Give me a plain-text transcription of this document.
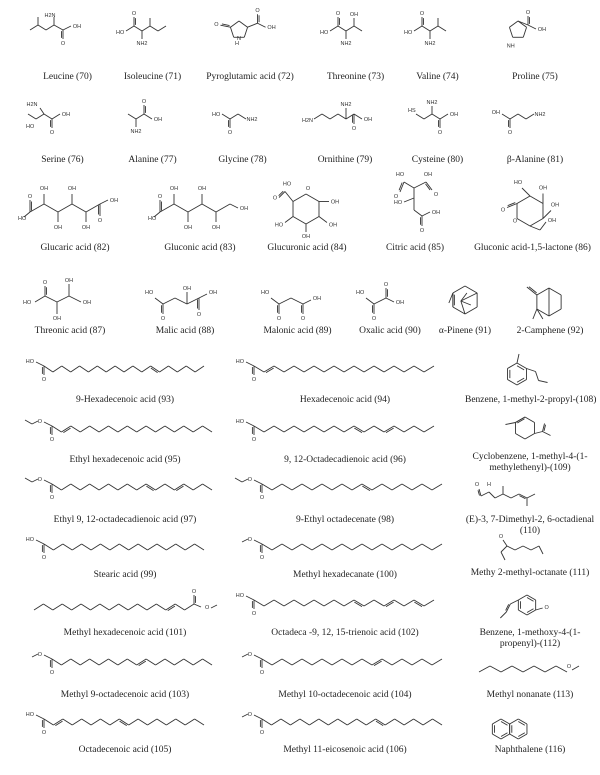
H2N
O
OH
Leucine (70)
HO
O
NH2
Isoleucine (71)
O
H
N
O
OH
Pyroglutamic acid (72)
HO
O
NH2
OH
Threonine (73)
HO
O
NH2
Valine (74)
NH
O
OH
Proline (75)
H2N
HO
O
OH
Serine (76)
NH2
O
OH
Alanine (77)
HO
O
NH2
Glycine (78)
H2N
NH2
O
OH
Ornithine (79)
HS
NH2
O
OH
Cysteine (80)
OH
O
NH2
β-Alanine (81)
HO
O
OH
OH
OH
OH
O
OH
Glucaric acid (82)
HO
O
OH
OH
OH
OH
OH
Gluconic acid (83)
O
O
HO
OH
OH
OH
HO
Glucuronic acid (84)
O
HO
O
OH
HO
O
OH
Citric acid (85)
O
O
HO
OH
OH
OH
Gluconic acid-1,5-lactone (86)
HO
O
OH
OH
OH
Threonic acid (87)
HO
O
OH
O
OH
Malic acid (88)
HO
O	O
OH
Malonic acid (89)
HO
O
O
OH
Oxalic acid (90)	α-Pinene (91)	2-Camphene (92)
O
HO
9-Hexadecenoic acid (93)
O
HO
Hexadecenoic acid (94)
O
O
Ethyl hexadecenoic acid (95)
O
HO
9, 12-Octadecadienoic acid (96)
O
O
Ethyl 9, 12-octadecadienoic acid (97)
O
O
9-Ethyl octadecenate (98)
O
HO
Stearic acid (99)
O
O
Methyl hexadecanate (100)
O
O
Methyl hexadecenoic acid (101)
O
HO
Octadeca -9, 12, 15-trienoic acid (102)
O
O
Methyl 9-octadecenoic acid (103)
O
O
Methyl 10-octadecenoic acid (104)
O
HO
Octadecenoic acid (105)
O
O
Methyl 11-eicosenoic acid (106)
Benzene, 1-methyl-2-propyl-(108)
Cyclobenzene, 1-methyl-4-(1-methylethenyl)-(109)
O H
(E)-3, 7-Dimethyl-2, 6-octadienal (110)
O
Methy 2-methyl-octanate (111)
O
Benzene, 1-methoxy-4-(1-propenyl)-(112)
O
Methyl nonanate (113)
Naphthalene (116)
